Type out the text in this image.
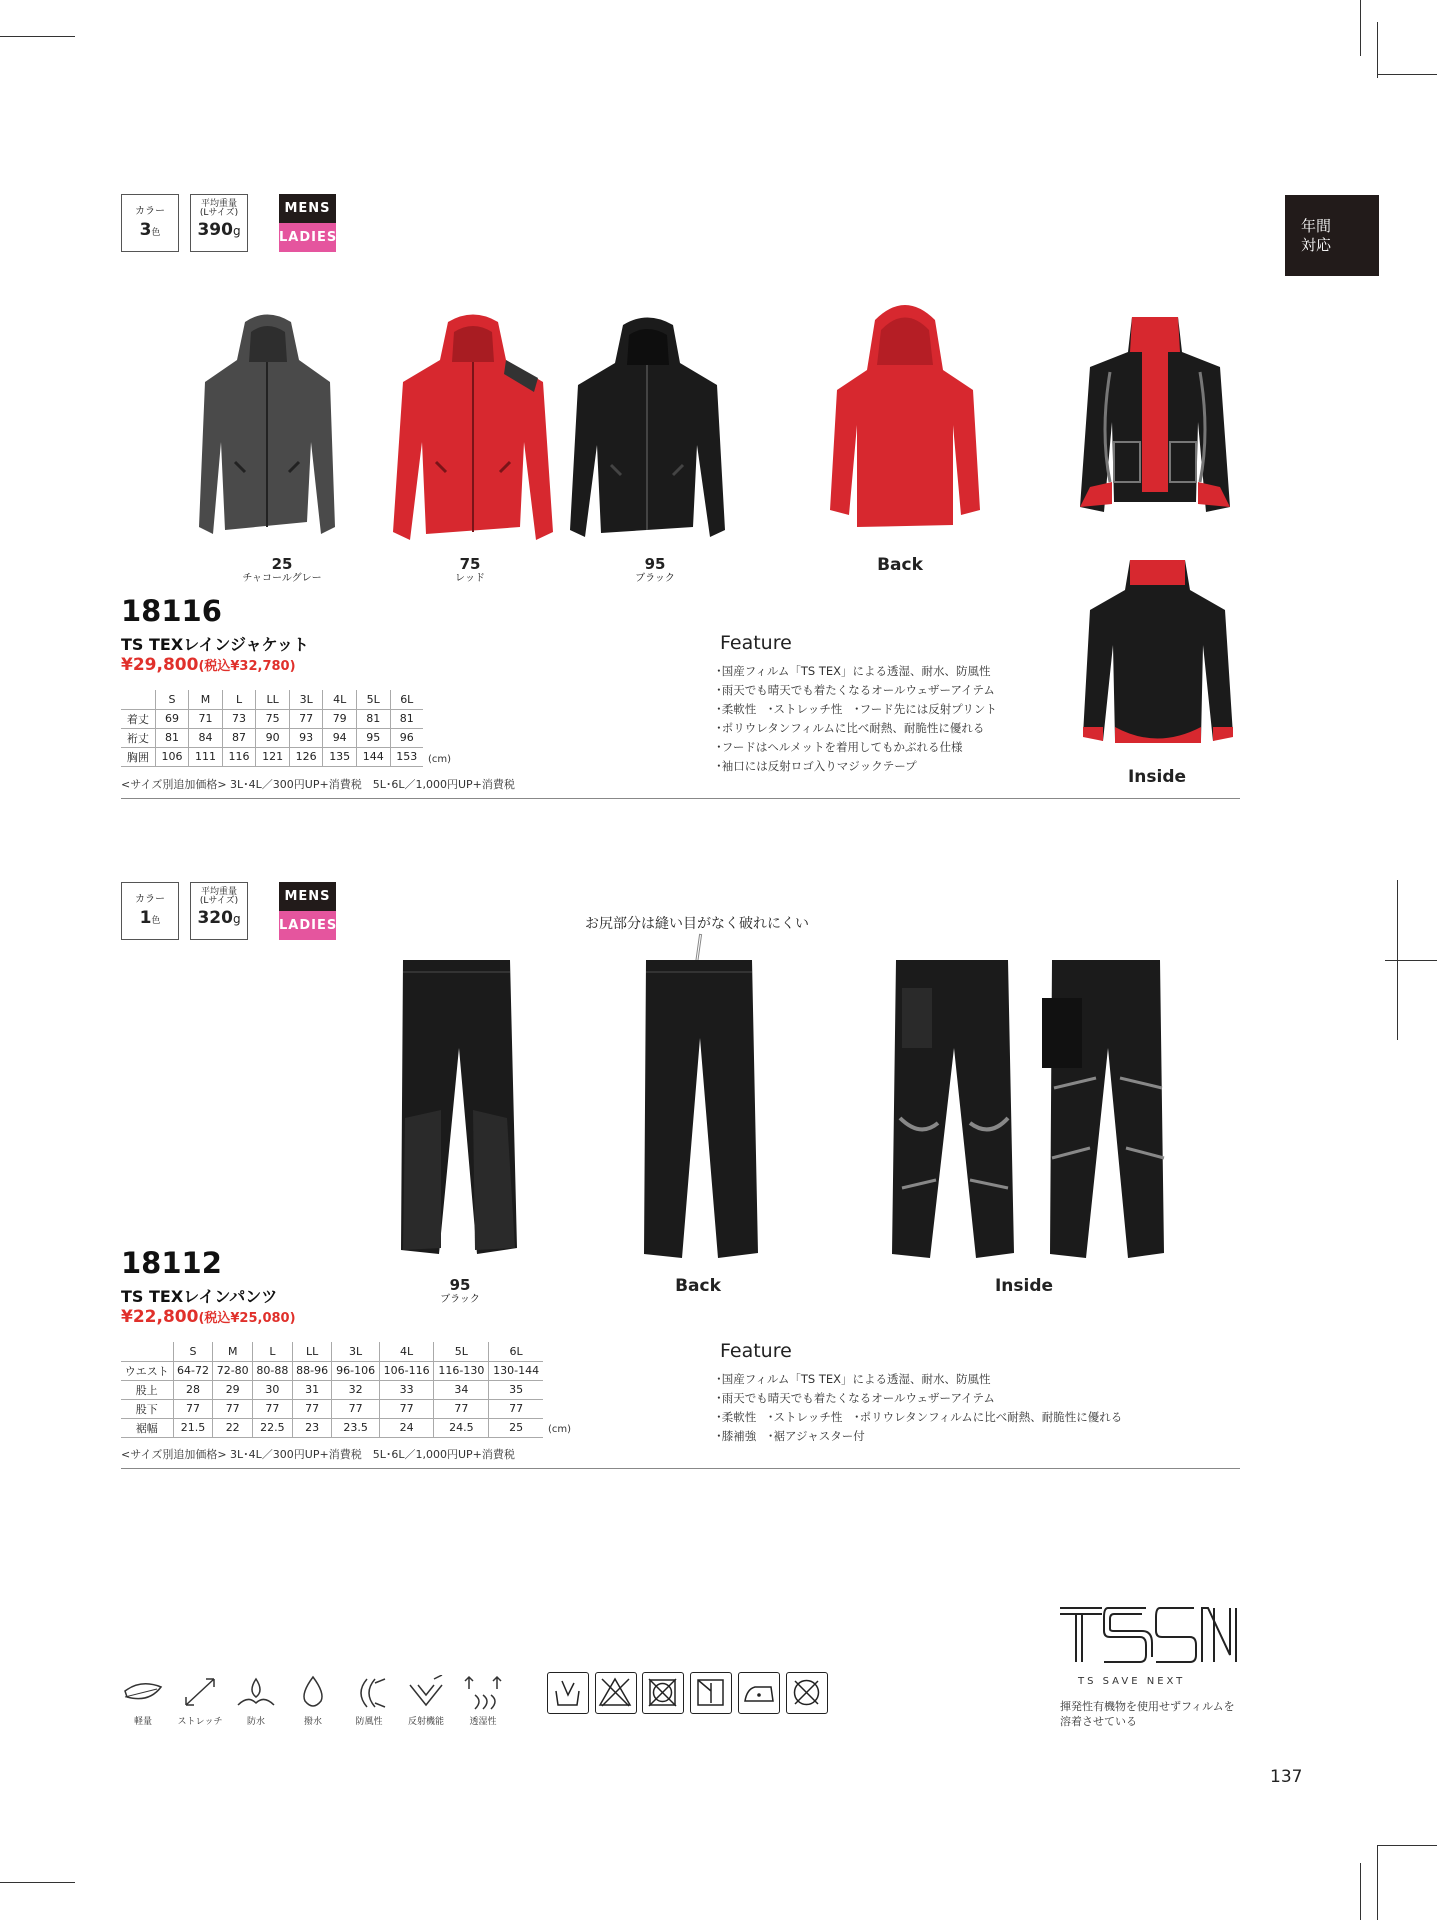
年間
対応
カラー
3色
平均重量
(Lサイズ)
390g
MENS
LADIES
25
チャコールグレー
75
レッド
95
ブラック
Back
Inside
18116
TS TEXレインジャケット
¥29,800(税込¥32,780)
	S	M	L	LL	3L	4L	5L	6L
着丈	69	71	73	75	77	79	81	81
裄丈	81	84	87	90	93	94	95	96
胸囲	106	111	116	121	126	135	144	153 (cm)
<サイズ別追加価格> 3L･4L／300円UP+消費税　5L･6L／1,000円UP+消費税
Feature
･国産フィルム「TS TEX」による透湿、耐水、防風性
･雨天でも晴天でも着たくなるオールウェザーアイテム
･柔軟性　･ストレッチ性　･フード先には反射プリント
･ポリウレタンフィルムに比べ耐熱、耐脆性に優れる
･フードはヘルメットを着用してもかぶれる仕様
･袖口には反射ロゴ入りマジックテープ
カラー
1色
平均重量
(Lサイズ)
320g
MENS
LADIES	お尻部分は縫い目がなく破れにくい
95
ブラック
Back	Inside
18112
TS TEXレインパンツ
¥22,800(税込¥25,080)
	S	M	L	LL	3L	4L	5L	6L
ウエスト	64-72	72-80	80-88	88-96	96-106	106-116	116-130	130-144
股上	28	29	30	31	32	33	34	35
股下	77	77	77	77	77	77	77	77
裾幅	21.5	22	22.5	23	23.5	24	24.5	25 (cm)
<サイズ別追加価格> 3L･4L／300円UP+消費税　5L･6L／1,000円UP+消費税
Feature
･国産フィルム「TS TEX」による透湿、耐水、防風性
･雨天でも晴天でも着たくなるオールウェザーアイテム
･柔軟性　･ストレッチ性　･ポリウレタンフィルムに比べ耐熱、耐脆性に優れる
･膝補強　･裾アジャスター付
軽量	ストレッチ	防水	撥水	防風性	反射機能	透湿性
TS SAVE NEXT
揮発性有機物を使用せずフィルムを
溶着させている
137
